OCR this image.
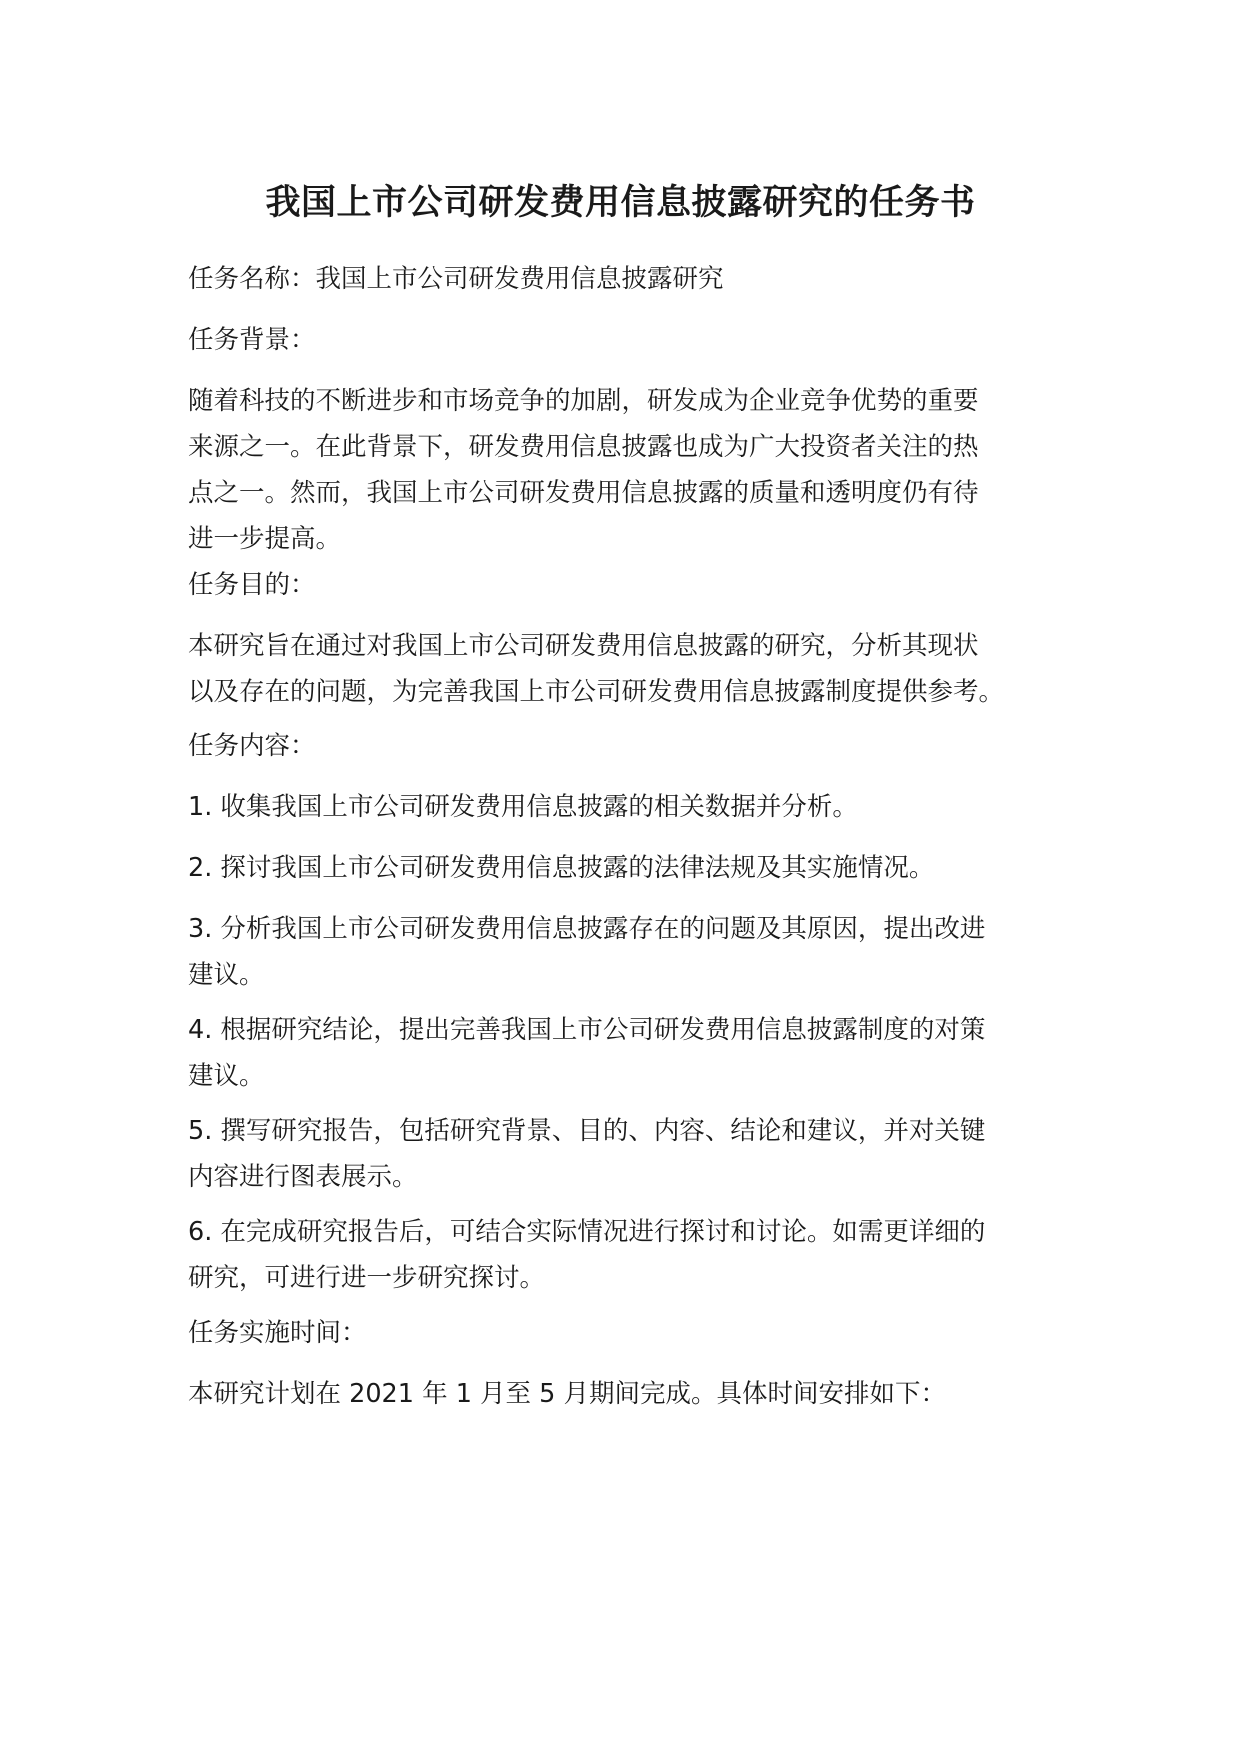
我国上市公司研发费用信息披露研究的任务书
任务名称：我国上市公司研发费用信息披露研究
任务背景：
随着科技的不断进步和市场竞争的加剧，研发成为企业竞争优势的重要
来源之一。在此背景下，研发费用信息披露也成为广大投资者关注的热
点之一。然而，我国上市公司研发费用信息披露的质量和透明度仍有待
进一步提高。
任务目的：
本研究旨在通过对我国上市公司研发费用信息披露的研究，分析其现状
以及存在的问题，为完善我国上市公司研发费用信息披露制度提供参考。
任务内容：
1. 收集我国上市公司研发费用信息披露的相关数据并分析。
2. 探讨我国上市公司研发费用信息披露的法律法规及其实施情况。
3. 分析我国上市公司研发费用信息披露存在的问题及其原因，提出改进
建议。
4. 根据研究结论，提出完善我国上市公司研发费用信息披露制度的对策
建议。
5. 撰写研究报告，包括研究背景、目的、内容、结论和建议，并对关键
内容进行图表展示。
6. 在完成研究报告后，可结合实际情况进行探讨和讨论。如需更详细的
研究，可进行进一步研究探讨。
任务实施时间：
本研究计划在 2021 年 1 月至 5 月期间完成。具体时间安排如下：
